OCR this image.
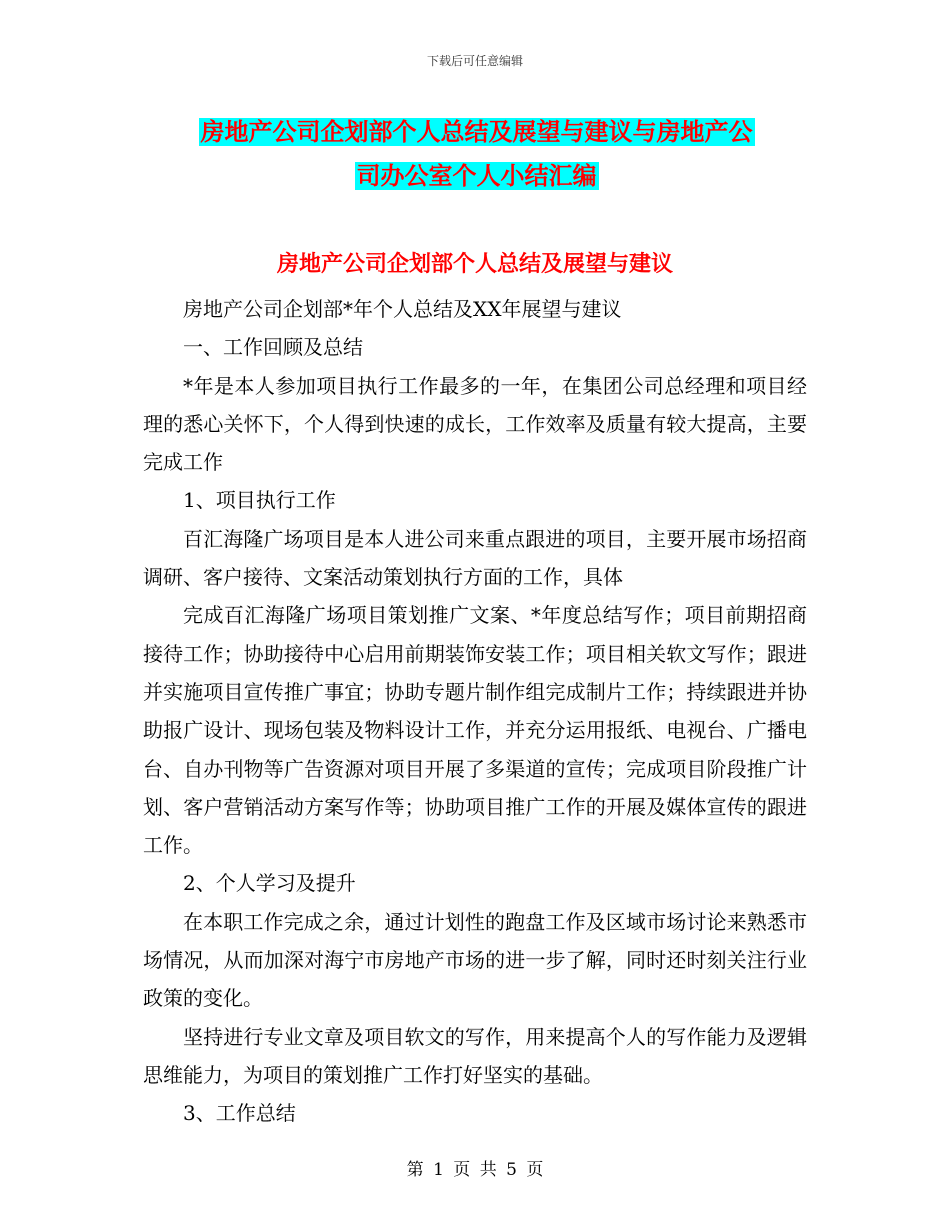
下载后可任意编辑
房地产公司企划部个人总结及展望与建议与房地产公
司办公室个人小结汇编
房地产公司企划部个人总结及展望与建议

房地产公司企划部*年个人总结及XX年展望与建议

一、工作回顾及总结

*年是本人参加项目执行工作最多的一年，在集团公司总经理和项目经理的悉心关怀下，个人得到快速的成长，工作效率及质量有较大提高，主要完成工作

1、项目执行工作

百汇海隆广场项目是本人进公司来重点跟进的项目，主要开展市场招商调研、客户接待、文案活动策划执行方面的工作，具体

完成百汇海隆广场项目策划推广文案、*年度总结写作；项目前期招商接待工作；协助接待中心启用前期装饰安装工作；项目相关软文写作；跟进并实施项目宣传推广事宜；协助专题片制作组完成制片工作；持续跟进并协助报广设计、现场包装及物料设计工作，并充分运用报纸、电视台、广播电台、自办刊物等广告资源对项目开展了多渠道的宣传；完成项目阶段推广计划、客户营销活动方案写作等；协助项目推广工作的开展及媒体宣传的跟进工作。

2、个人学习及提升

在本职工作完成之余，通过计划性的跑盘工作及区域市场讨论来熟悉市场情况，从而加深对海宁市房地产市场的进一步了解，同时还时刻关注行业政策的变化。

坚持进行专业文章及项目软文的写作，用来提高个人的写作能力及逻辑思维能力，为项目的策划推广工作打好坚实的基础。

3、工作总结

第 1 页 共 5 页
